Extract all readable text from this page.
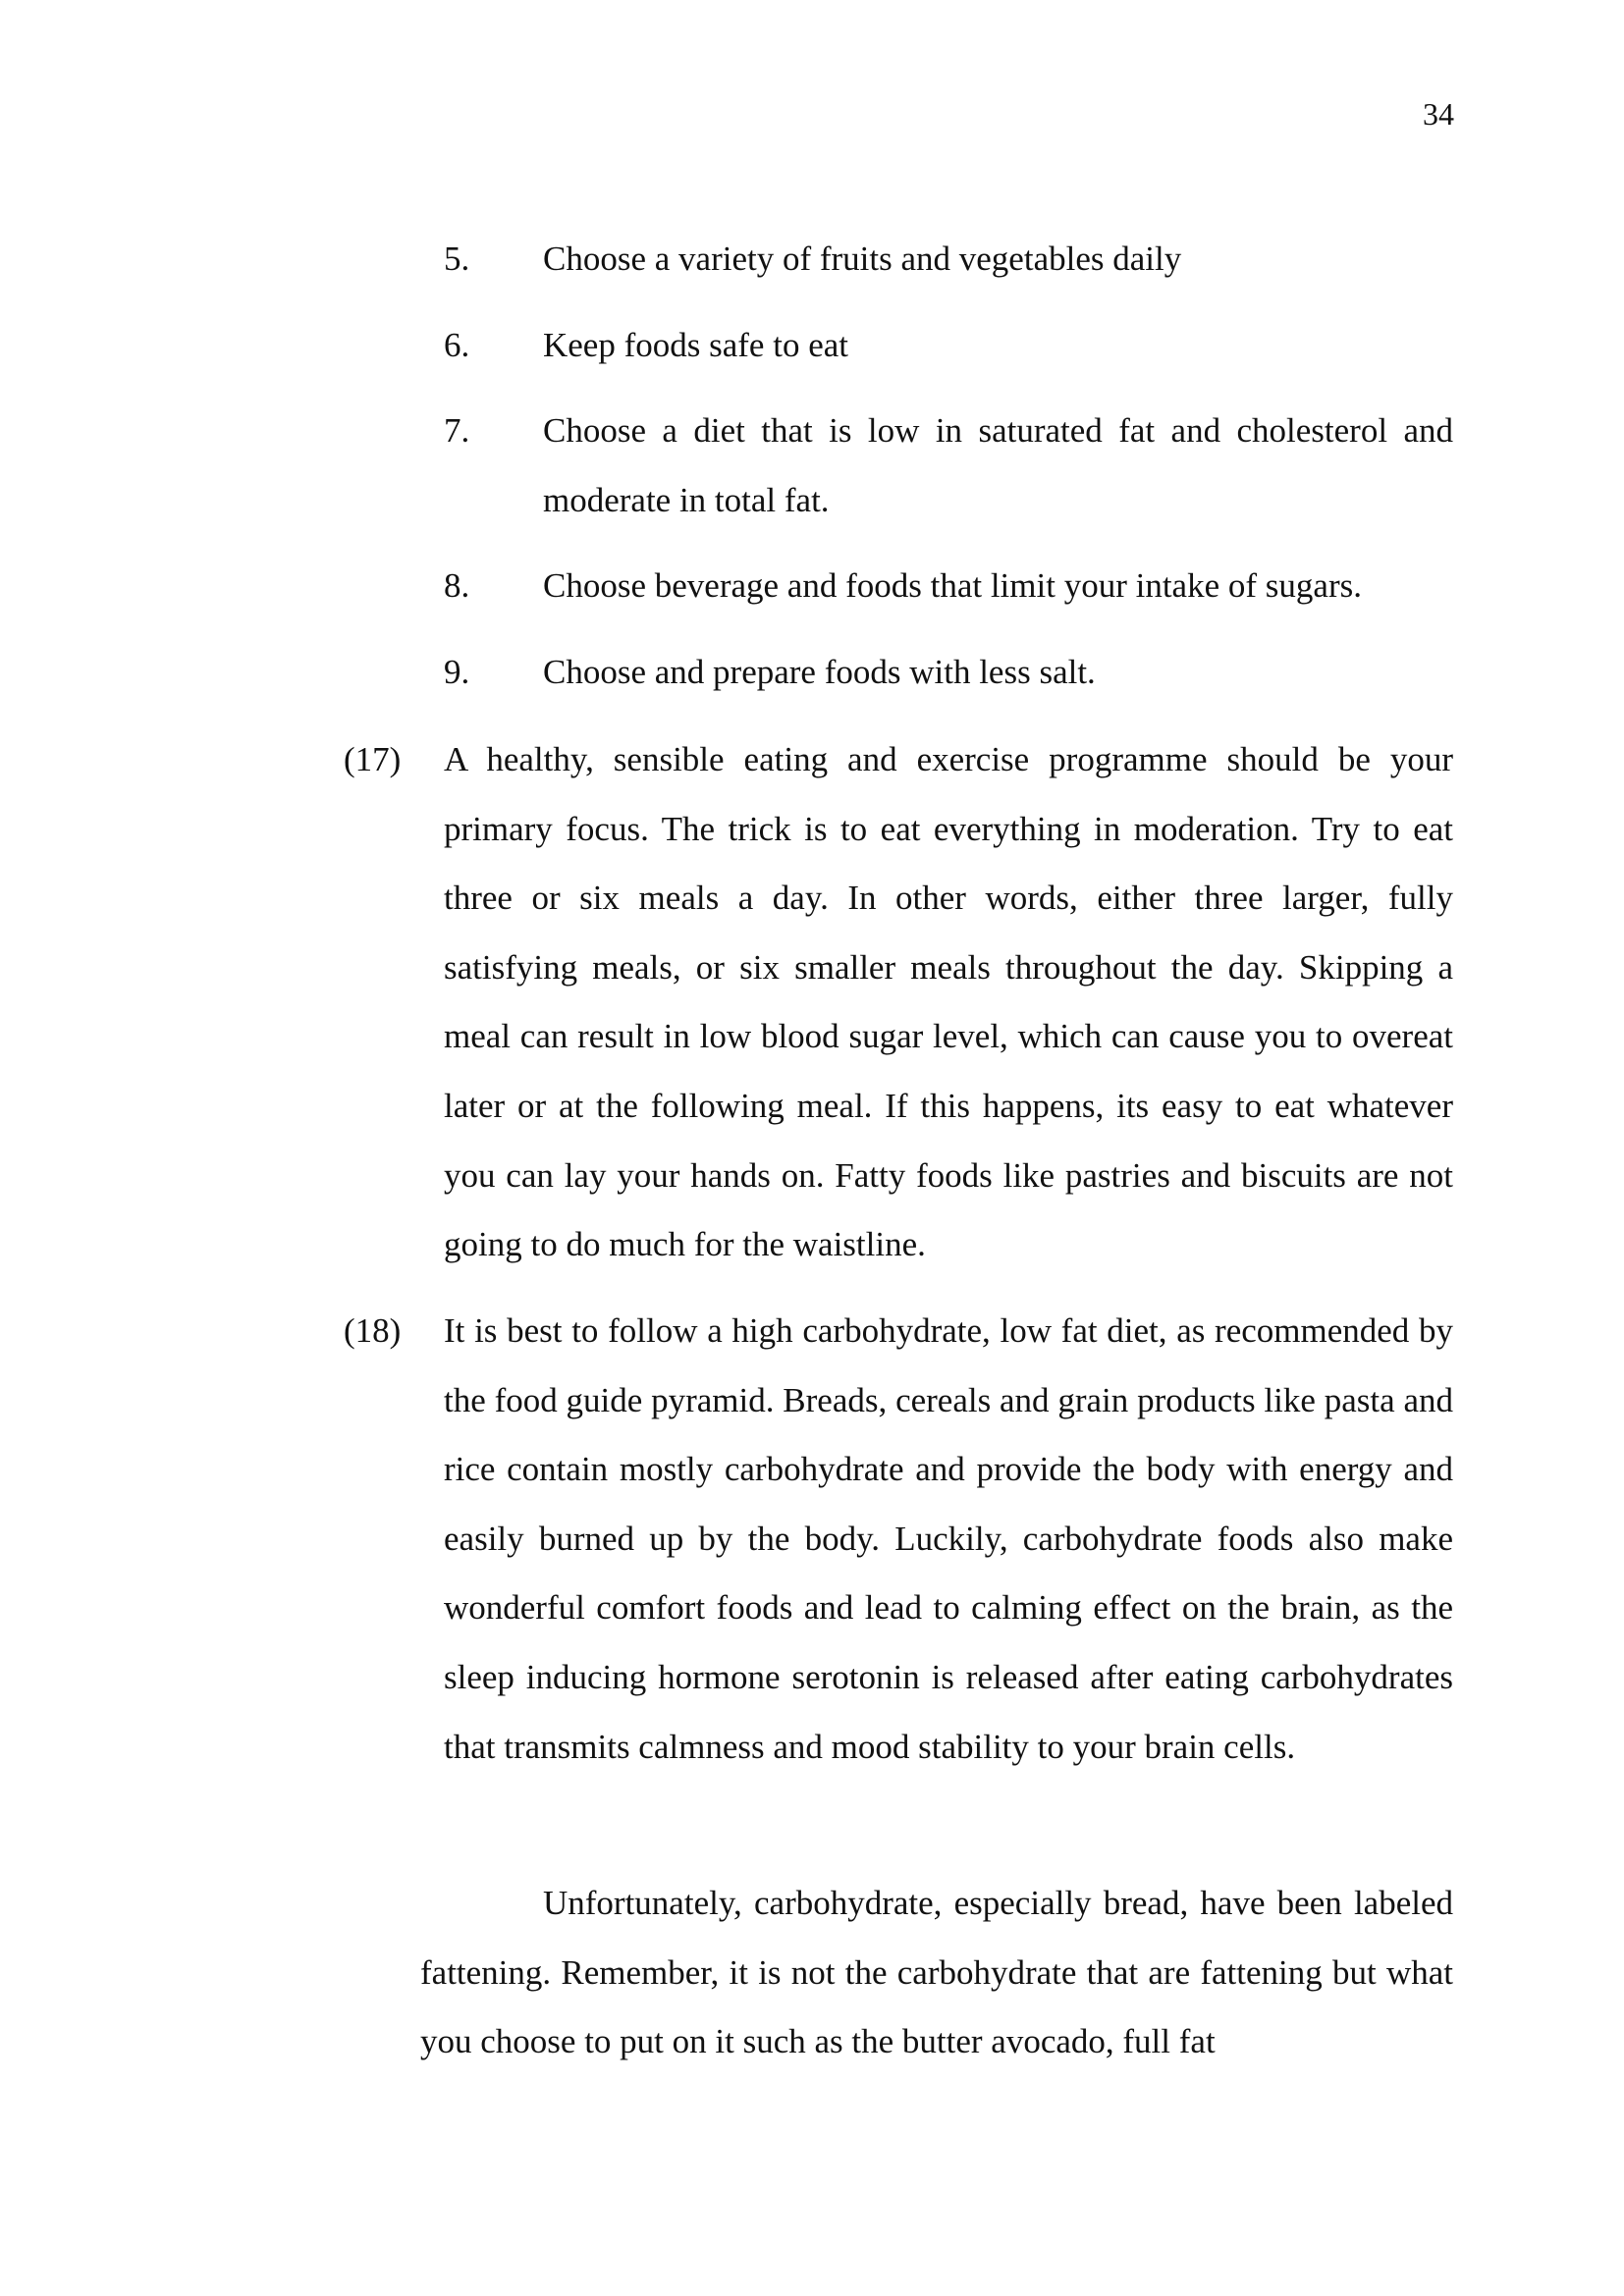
34
5.	Choose a variety of fruits and vegetables daily
6.	Keep foods safe to eat
7.	Choose a diet that is low in saturated fat and cholesterol and moderate in total fat.
8.	Choose beverage and foods that limit your intake of sugars.
9.	Choose and prepare foods with less salt.
(17)	A healthy, sensible eating and exercise programme should be your primary focus. The trick is to eat everything in moderation. Try to eat three or six meals a day. In other words, either three larger, fully satisfying meals, or six smaller meals throughout the day. Skipping a meal can result in low blood sugar level, which can cause you to overeat later or at the following meal. If this happens, its easy to eat whatever you can lay your hands on. Fatty foods like pastries and biscuits are not going to do much for the waistline.
(18)	It is best to follow a high carbohydrate, low fat diet, as recommended by the food guide pyramid. Breads, cereals and grain products like pasta and rice contain mostly carbohydrate and provide the body with energy and easily burned up by the body. Luckily, carbohydrate foods also make wonderful comfort foods and lead to calming effect on the brain, as the sleep inducing hormone serotonin is released after eating carbohydrates that transmits calmness and mood stability to your brain cells.

Unfortunately, carbohydrate, especially bread, have been labeled fattening. Remember, it is not the carbohydrate that are fattening but what you choose to put on it such as the butter avocado, full fat
